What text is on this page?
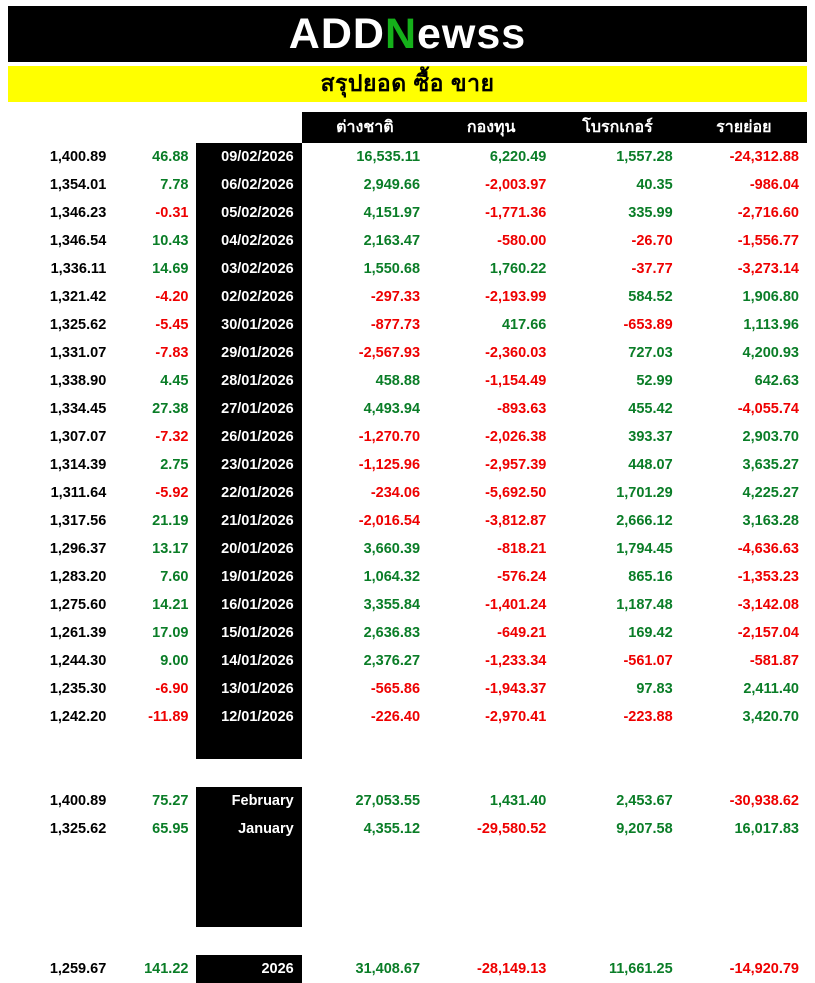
ADDNewss
สรุปยอด ซื้อ ขาย
			ต่างชาติ	กองทุน	โบรกเกอร์	รายย่อย
1,400.89	46.88	09/02/2026	16,535.11	6,220.49	1,557.28	-24,312.88
1,354.01	7.78	06/02/2026	2,949.66	-2,003.97	40.35	-986.04
1,346.23	-0.31	05/02/2026	4,151.97	-1,771.36	335.99	-2,716.60
1,346.54	10.43	04/02/2026	2,163.47	-580.00	-26.70	-1,556.77
1,336.11	14.69	03/02/2026	1,550.68	1,760.22	-37.77	-3,273.14
1,321.42	-4.20	02/02/2026	-297.33	-2,193.99	584.52	1,906.80
1,325.62	-5.45	30/01/2026	-877.73	417.66	-653.89	1,113.96
1,331.07	-7.83	29/01/2026	-2,567.93	-2,360.03	727.03	4,200.93
1,338.90	4.45	28/01/2026	458.88	-1,154.49	52.99	642.63
1,334.45	27.38	27/01/2026	4,493.94	-893.63	455.42	-4,055.74
1,307.07	-7.32	26/01/2026	-1,270.70	-2,026.38	393.37	2,903.70
1,314.39	2.75	23/01/2026	-1,125.96	-2,957.39	448.07	3,635.27
1,311.64	-5.92	22/01/2026	-234.06	-5,692.50	1,701.29	4,225.27
1,317.56	21.19	21/01/2026	-2,016.54	-3,812.87	2,666.12	3,163.28
1,296.37	13.17	20/01/2026	3,660.39	-818.21	1,794.45	-4,636.63
1,283.20	7.60	19/01/2026	1,064.32	-576.24	865.16	-1,353.23
1,275.60	14.21	16/01/2026	3,355.84	-1,401.24	1,187.48	-3,142.08
1,261.39	17.09	15/01/2026	2,636.83	-649.21	169.42	-2,157.04
1,244.30	9.00	14/01/2026	2,376.27	-1,233.34	-561.07	-581.87
1,235.30	-6.90	13/01/2026	-565.86	-1,943.37	97.83	2,411.40
1,242.20	-11.89	12/01/2026	-226.40	-2,970.41	-223.88	3,420.70

1,400.89	75.27	February	27,053.55	1,431.40	2,453.67	-30,938.62
1,325.62	65.95	January	4,355.12	-29,580.52	9,207.58	16,017.83

1,259.67	141.22	2026	31,408.67	-28,149.13	11,661.25	-14,920.79
